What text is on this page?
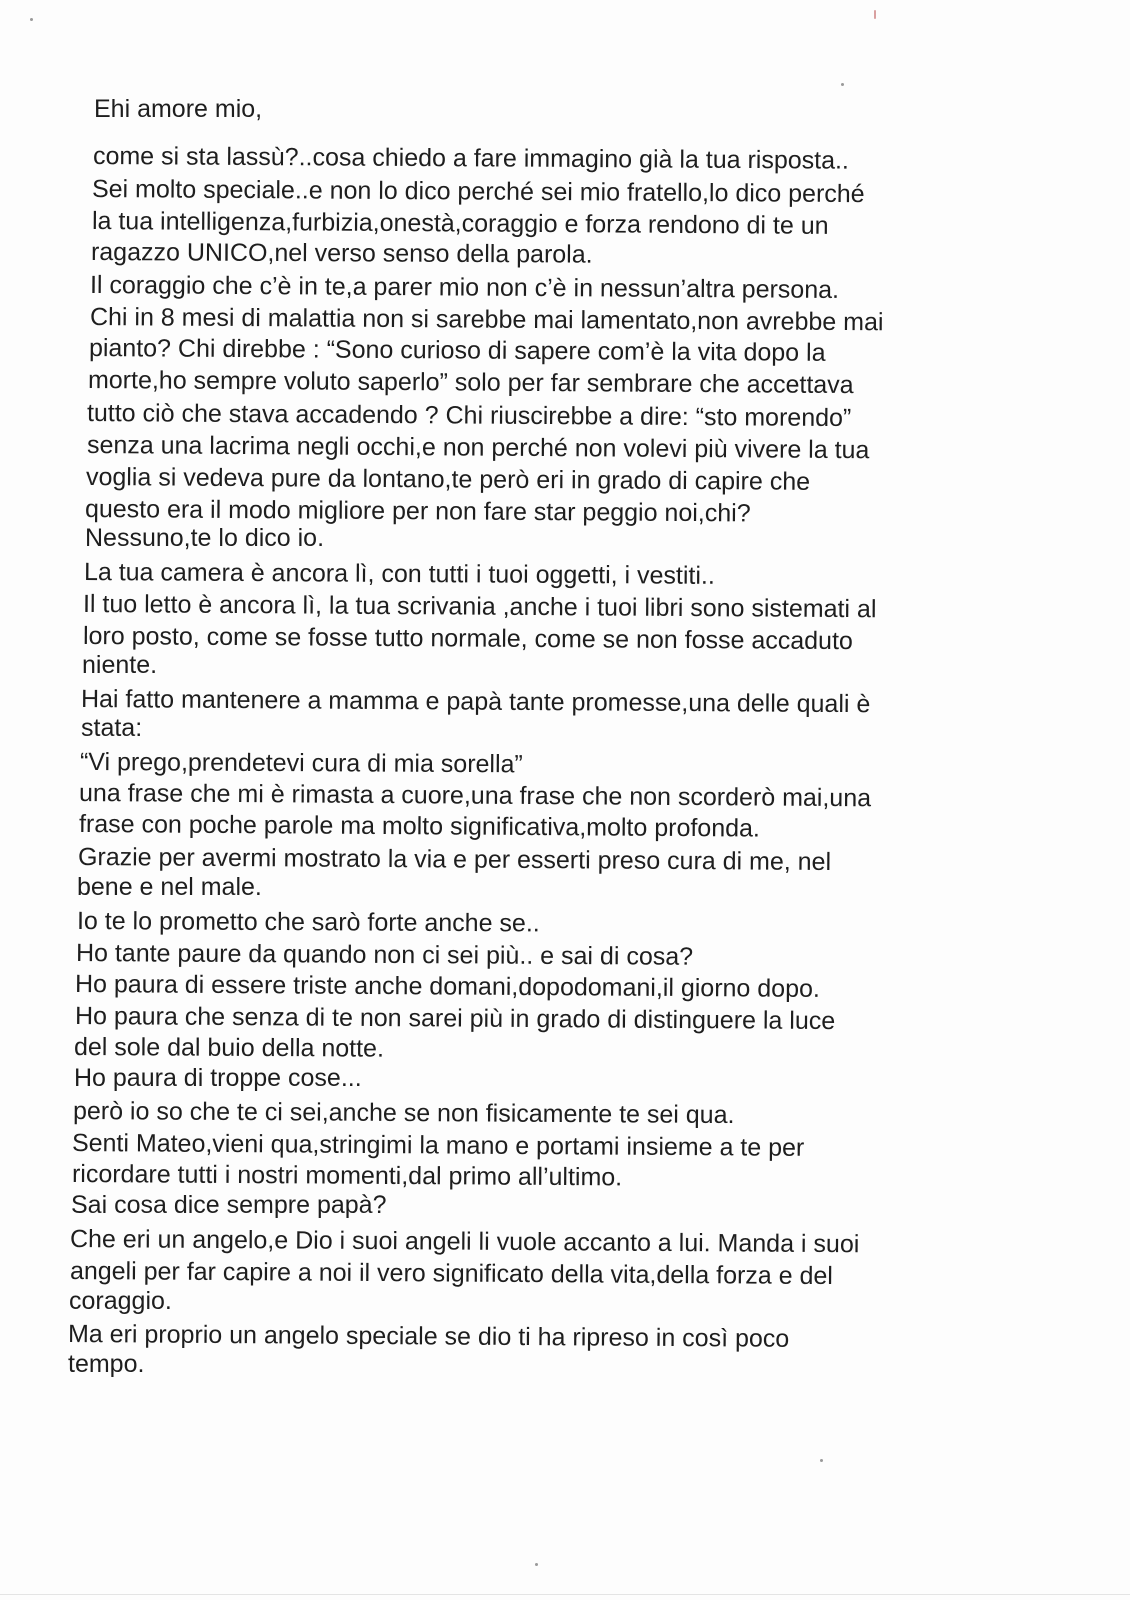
Ehi amore mio,
come si sta lassù?..cosa chiedo a fare immagino già la tua risposta..
Sei molto speciale..e non lo dico perché sei mio fratello,lo dico perché
la tua intelligenza,furbizia,onestà,coraggio e forza rendono di te un
ragazzo UNICO,nel verso senso della parola.
Il coraggio che c’è in te,a parer mio non c’è in nessun’altra persona.
Chi in 8 mesi di malattia non si sarebbe mai lamentato,non avrebbe mai
pianto? Chi direbbe : “Sono curioso di sapere com’è la vita dopo la
morte,ho sempre voluto saperlo” solo per far sembrare che accettava
tutto ciò che stava accadendo ? Chi riuscirebbe a dire: “sto morendo”
senza una lacrima negli occhi,e non perché non volevi più vivere la tua
voglia si vedeva pure da lontano,te però eri in grado di capire che
questo era il modo migliore per non fare star peggio noi,chi?
Nessuno,te lo dico io.
La tua camera è ancora lì, con tutti i tuoi oggetti, i vestiti..
Il tuo letto è ancora lì, la tua scrivania ,anche i tuoi libri sono sistemati al
loro posto, come se fosse tutto normale, come se non fosse accaduto
niente.
Hai fatto mantenere a mamma e papà tante promesse,una delle quali è
stata:
“Vi prego,prendetevi cura di mia sorella”
una frase che mi è rimasta a cuore,una frase che non scorderò mai,una
frase con poche parole ma molto significativa,molto profonda.
Grazie per avermi mostrato la via e per esserti preso cura di me, nel
bene e nel male.
Io te lo prometto che sarò forte anche se..
Ho tante paure da quando non ci sei più.. e sai di cosa?
Ho paura di essere triste anche domani,dopodomani,il giorno dopo.
Ho paura che senza di te non sarei più in grado di distinguere la luce
del sole dal buio della notte.
Ho paura di troppe cose...
però io so che te ci sei,anche se non fisicamente te sei qua.
Senti Mateo,vieni qua,stringimi la mano e portami insieme a te per
ricordare tutti i nostri momenti,dal primo all’ultimo.
Sai cosa dice sempre papà?
Che eri un angelo,e Dio i suoi angeli li vuole accanto a lui. Manda i suoi
angeli per far capire a noi il vero significato della vita,della forza e del
coraggio.
Ma eri proprio un angelo speciale se dio ti ha ripreso in così poco
tempo.
